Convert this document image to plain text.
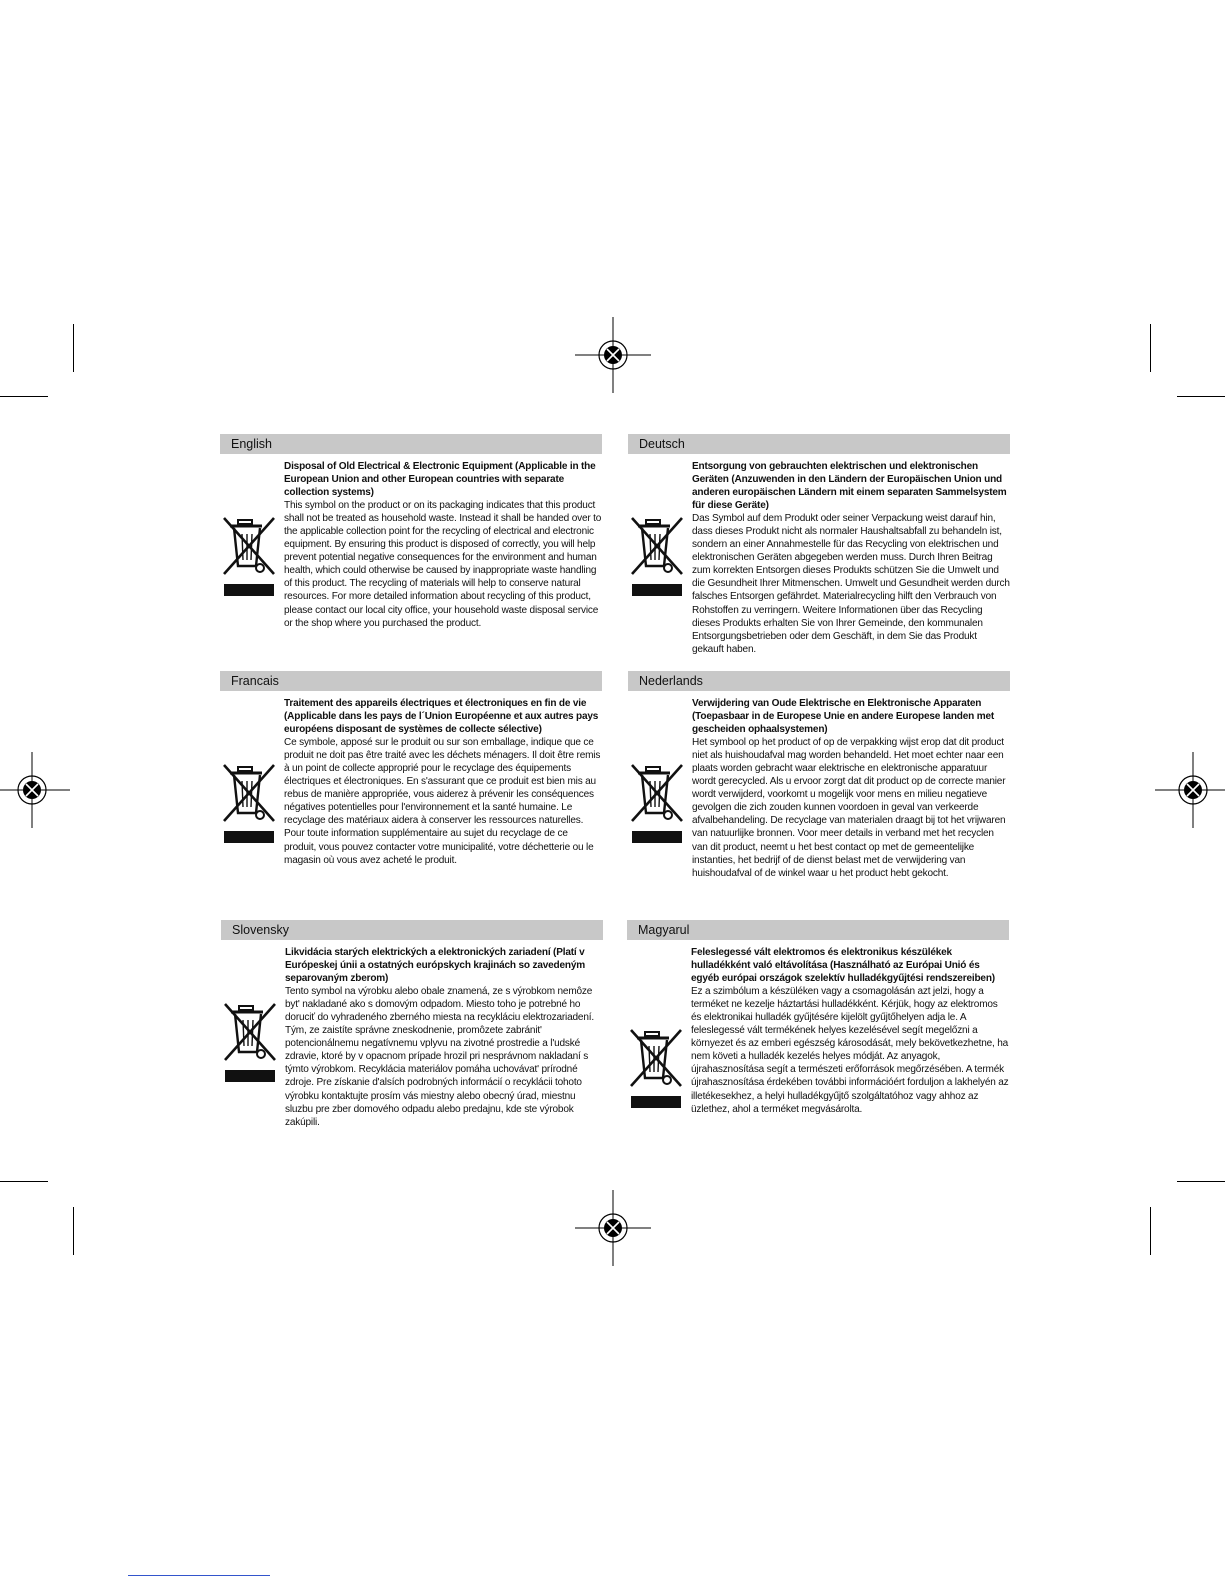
English
Disposal of Old Electrical & Electronic Equipment (Applicable in the European Union and other European countries with separate collection systems)
This symbol on the product or on its packaging indicates that this product shall not be treated as household waste. Instead it shall be handed over to the applicable collection point for the recycling of electrical and electronic equipment. By ensuring this product is disposed of correctly, you will help prevent potential negative consequences for the environment and human health, which could otherwise be caused by inappropriate waste handling of this product. The recycling of materials will help to conserve natural resources. For more detailed information about recycling of this product, please contact our local city office, your household waste disposal service or the shop where you purchased the product.
Deutsch
Entsorgung von gebrauchten elektrischen und elektronischen Geräten (Anzuwenden in den Ländern der Europäischen Union und anderen europäischen Ländern mit einem separaten Sammelsystem für diese Geräte)
Das Symbol auf dem Produkt oder seiner Verpackung weist darauf hin, dass dieses Produkt nicht als normaler Haushaltsabfall zu behandeln ist, sondern an einer Annahmestelle für das Recycling von elektrischen und elektronischen Geräten abgegeben werden muss. Durch Ihren Beitrag zum korrekten Entsorgen dieses Produkts schützen Sie die Umwelt und die Gesundheit Ihrer Mitmenschen. Umwelt und Gesundheit werden durch falsches Entsorgen gefährdet. Materialrecycling hilft den Verbrauch von Rohstoffen zu verringern. Weitere Informationen über das Recycling dieses Produkts erhalten Sie von Ihrer Gemeinde, den kommunalen Entsorgungsbetrieben oder dem Geschäft, in dem Sie das Produkt gekauft haben.
Francais
Traitement des appareils électriques et électroniques en fin de vie (Applicable dans les pays de l´Union Européenne et aux autres pays européens disposant de systèmes de collecte sélective)
Ce symbole, apposé sur le produit ou sur son emballage, indique que ce produit ne doit pas être traité avec les déchets ménagers. Il doit être remis à un point de collecte approprié pour le recyclage des équipements électriques et électroniques. En s'assurant que ce produit est bien mis au rebus de manière appropriée, vous aiderez à prévenir les conséquences négatives potentielles pour l'environnement et la santé humaine. Le recyclage des matériaux aidera à conserver les ressources naturelles. Pour toute information supplémentaire au sujet du recyclage de ce produit, vous pouvez contacter votre municipalité, votre déchetterie ou le magasin où vous avez acheté le produit.
Nederlands
Verwijdering van Oude Elektrische en Elektronische Apparaten (Toepasbaar in de Europese Unie en andere Europese landen met gescheiden ophaalsystemen)
Het symbool op het product of op de verpakking wijst erop dat dit product niet als huishoudafval mag worden behandeld. Het moet echter naar een plaats worden gebracht waar elektrische en elektronische apparatuur wordt gerecycled. Als u ervoor zorgt dat dit product op de correcte manier wordt verwijderd, voorkomt u mogelijk voor mens en milieu negatieve gevolgen die zich zouden kunnen voordoen in geval van verkeerde afvalbehandeling. De recyclage van materialen draagt bij tot het vrijwaren van natuurlijke bronnen. Voor meer details in verband met het recyclen van dit product, neemt u het best contact op met de gemeentelijke instanties, het bedrijf of de dienst belast met de verwijdering van huishoudafval of de winkel waar u het product hebt gekocht.
Slovensky
Likvidácia starých elektrických a elektronických zariadení (Platí v Európeskej únii a ostatných európskych krajinách so zavedeným separovaným zberom)
Tento symbol na výrobku alebo obale znamená, ze s výrobkom nemôze byt' nakladané ako s domovým odpadom. Miesto toho je potrebné ho doruciť do vyhradeného zberného miesta na recykláciu elektrozariadení. Tým, ze zaistíte správne zneskodnenie, promôzete zabránit' potencionálnemu negatívnemu vplyvu na zivotné prostredie a l'udské zdravie, ktoré by v opacnom prípade hrozil pri nesprávnom nakladaní s týmto výrobkom. Recyklácia materiálov pomáha uchovávat' prírodné zdroje. Pre získanie d'alsích podrobných informácií o recyklácii tohoto výrobku kontaktujte prosím vás miestny alebo obecný úrad, miestnu sluzbu pre zber domového odpadu alebo predajnu, kde ste výrobok zakúpili.
Magyarul
Feleslegessé vált elektromos és elektronikus készülékek hulladékként való eltávolítása (Használható az Európai Unió és egyéb európai országok szelektív hulladékgyűjtési rendszereiben)
Ez a szimbólum a készüléken vagy a csomagolásán azt jelzi, hogy a terméket ne kezelje háztartási hulladékként. Kérjük, hogy az elektromos és elektronikai hulladék gyűjtésére kijelölt gyűjtőhelyen adja le. A feleslegessé vált termékének helyes kezelésével segít megelőzni a környezet és az emberi egészség károsodását, mely bekövetkezhetne, ha nem követi a hulladék kezelés helyes módját. Az anyagok, újrahasznosítása segít a természeti erőforrások megőrzésében. A termék újrahasznosítása érdekében további információért forduljon a lakhelyén az illetékesekhez, a helyi hulladékgyűjtő szolgáltatóhoz vagy ahhoz az üzlethez, ahol a terméket megvásárolta.
